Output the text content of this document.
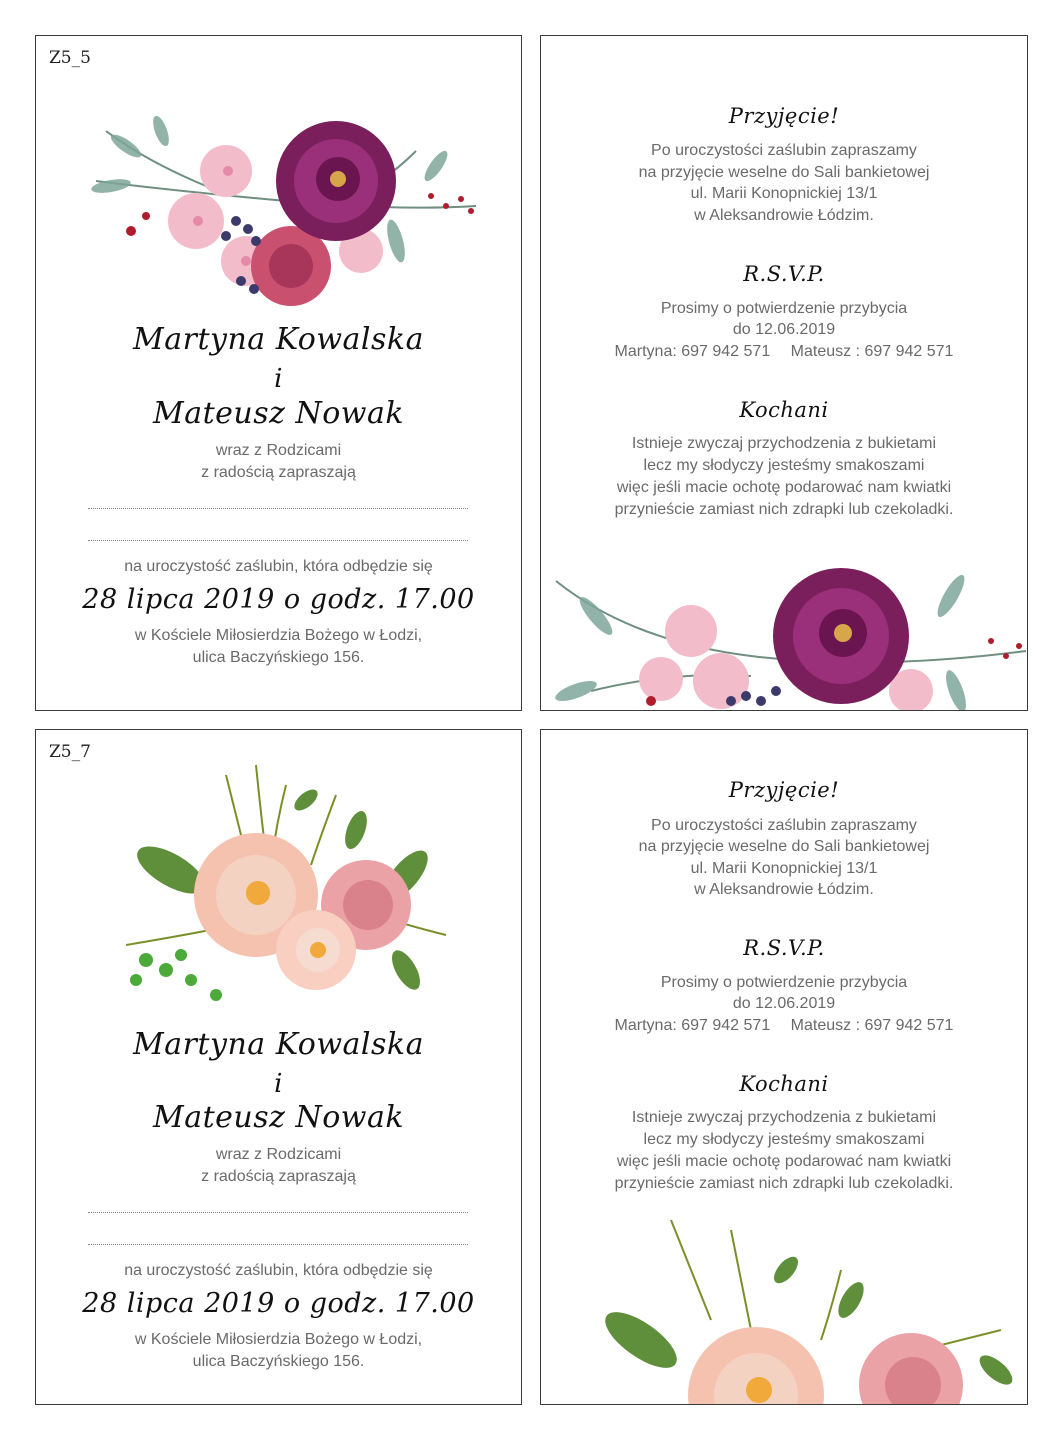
Z5_5
Martyna Kowalska
i
Mateusz Nowak
wraz z Rodzicami
z radością zapraszają
na uroczystość zaślubin, która odbędzie się
28 lipca 2019 o godz. 17.00
w Kościele Miłosierdzia Bożego w Łodzi,
ulica Baczyńskiego 156.
Przyjęcie!
Po uroczystości zaślubin zapraszamy
na przyjęcie weselne do Sali bankietowej
ul. Marii Konopnickiej 13/1
w Aleksandrowie Łódzim.
R.S.V.P.
Prosimy o potwierdzenie przybycia
do 12.06.2019
Martyna: 697 942 571 Mateusz : 697 942 571
Kochani
Istnieje zwyczaj przychodzenia z bukietami
lecz my słodyczy jesteśmy smakoszami
więc jeśli macie ochotę podarować nam kwiatki
przynieście zamiast nich zdrapki lub czekoladki.
Z5_7
Martyna Kowalska
i
Mateusz Nowak
wraz z Rodzicami
z radością zapraszają
na uroczystość zaślubin, która odbędzie się
28 lipca 2019 o godz. 17.00
w Kościele Miłosierdzia Bożego w Łodzi,
ulica Baczyńskiego 156.
Przyjęcie!
Po uroczystości zaślubin zapraszamy
na przyjęcie weselne do Sali bankietowej
ul. Marii Konopnickiej 13/1
w Aleksandrowie Łódzim.
R.S.V.P.
Prosimy o potwierdzenie przybycia
do 12.06.2019
Martyna: 697 942 571 Mateusz : 697 942 571
Kochani
Istnieje zwyczaj przychodzenia z bukietami
lecz my słodyczy jesteśmy smakoszami
więc jeśli macie ochotę podarować nam kwiatki
przynieście zamiast nich zdrapki lub czekoladki.
